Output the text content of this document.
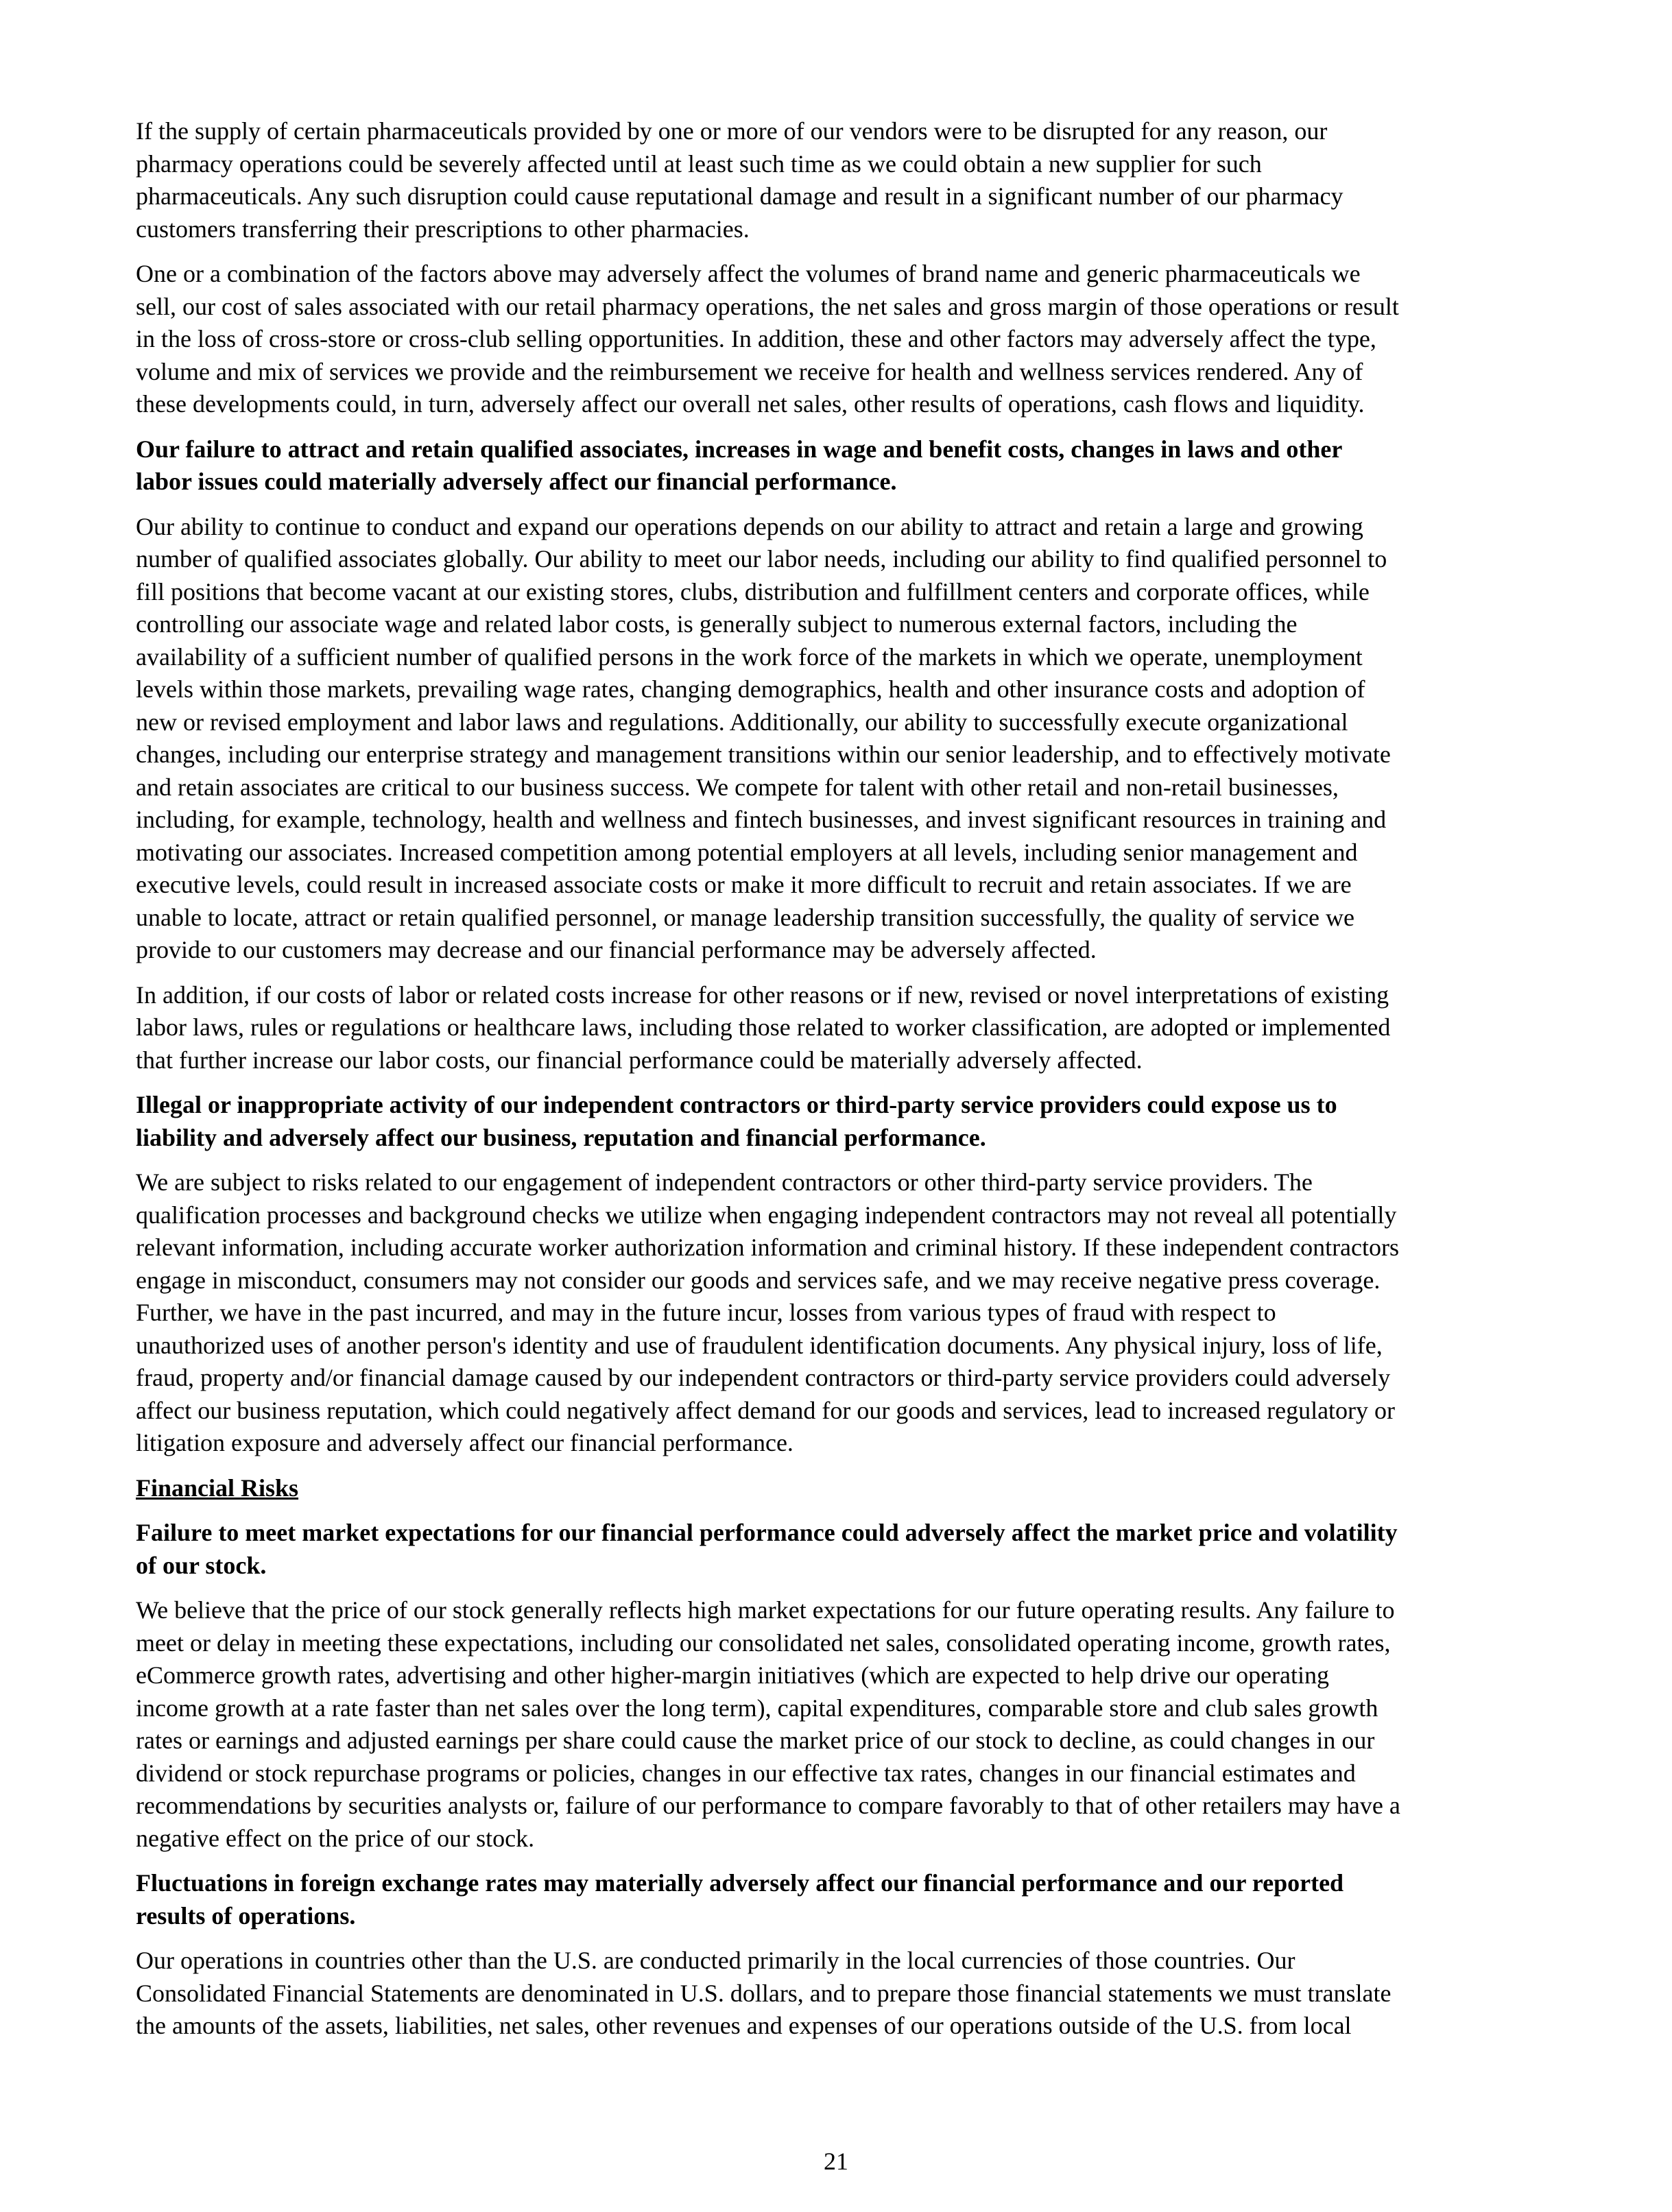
If the supply of certain pharmaceuticals provided by one or more of our vendors were to be disrupted for any reason, our
pharmacy operations could be severely affected until at least such time as we could obtain a new supplier for such
pharmaceuticals. Any such disruption could cause reputational damage and result in a significant number of our pharmacy
customers transferring their prescriptions to other pharmacies.

One or a combination of the factors above may adversely affect the volumes of brand name and generic pharmaceuticals we
sell, our cost of sales associated with our retail pharmacy operations, the net sales and gross margin of those operations or result
in the loss of cross-store or cross-club selling opportunities. In addition, these and other factors may adversely affect the type,
volume and mix of services we provide and the reimbursement we receive for health and wellness services rendered. Any of
these developments could, in turn, adversely affect our overall net sales, other results of operations, cash flows and liquidity.

Our failure to attract and retain qualified associates, increases in wage and benefit costs, changes in laws and other
labor issues could materially adversely affect our financial performance.

Our ability to continue to conduct and expand our operations depends on our ability to attract and retain a large and growing
number of qualified associates globally. Our ability to meet our labor needs, including our ability to find qualified personnel to
fill positions that become vacant at our existing stores, clubs, distribution and fulfillment centers and corporate offices, while
controlling our associate wage and related labor costs, is generally subject to numerous external factors, including the
availability of a sufficient number of qualified persons in the work force of the markets in which we operate, unemployment
levels within those markets, prevailing wage rates, changing demographics, health and other insurance costs and adoption of
new or revised employment and labor laws and regulations. Additionally, our ability to successfully execute organizational
changes, including our enterprise strategy and management transitions within our senior leadership, and to effectively motivate
and retain associates are critical to our business success. We compete for talent with other retail and non-retail businesses,
including, for example, technology, health and wellness and fintech businesses, and invest significant resources in training and
motivating our associates. Increased competition among potential employers at all levels, including senior management and
executive levels, could result in increased associate costs or make it more difficult to recruit and retain associates. If we are
unable to locate, attract or retain qualified personnel, or manage leadership transition successfully, the quality of service we
provide to our customers may decrease and our financial performance may be adversely affected.

In addition, if our costs of labor or related costs increase for other reasons or if new, revised or novel interpretations of existing
labor laws, rules or regulations or healthcare laws, including those related to worker classification, are adopted or implemented
that further increase our labor costs, our financial performance could be materially adversely affected.

Illegal or inappropriate activity of our independent contractors or third-party service providers could expose us to
liability and adversely affect our business, reputation and financial performance.

We are subject to risks related to our engagement of independent contractors or other third-party service providers. The
qualification processes and background checks we utilize when engaging independent contractors may not reveal all potentially
relevant information, including accurate worker authorization information and criminal history. If these independent contractors
engage in misconduct, consumers may not consider our goods and services safe, and we may receive negative press coverage.
Further, we have in the past incurred, and may in the future incur, losses from various types of fraud with respect to
unauthorized uses of another person's identity and use of fraudulent identification documents. Any physical injury, loss of life,
fraud, property and/or financial damage caused by our independent contractors or third-party service providers could adversely
affect our business reputation, which could negatively affect demand for our goods and services, lead to increased regulatory or
litigation exposure and adversely affect our financial performance.

Financial Risks

Failure to meet market expectations for our financial performance could adversely affect the market price and volatility
of our stock.

We believe that the price of our stock generally reflects high market expectations for our future operating results. Any failure to
meet or delay in meeting these expectations, including our consolidated net sales, consolidated operating income, growth rates,
eCommerce growth rates, advertising and other higher-margin initiatives (which are expected to help drive our operating
income growth at a rate faster than net sales over the long term), capital expenditures, comparable store and club sales growth
rates or earnings and adjusted earnings per share could cause the market price of our stock to decline, as could changes in our
dividend or stock repurchase programs or policies, changes in our effective tax rates, changes in our financial estimates and
recommendations by securities analysts or, failure of our performance to compare favorably to that of other retailers may have a
negative effect on the price of our stock.

Fluctuations in foreign exchange rates may materially adversely affect our financial performance and our reported
results of operations.

Our operations in countries other than the U.S. are conducted primarily in the local currencies of those countries. Our
Consolidated Financial Statements are denominated in U.S. dollars, and to prepare those financial statements we must translate
the amounts of the assets, liabilities, net sales, other revenues and expenses of our operations outside of the U.S. from local

21
